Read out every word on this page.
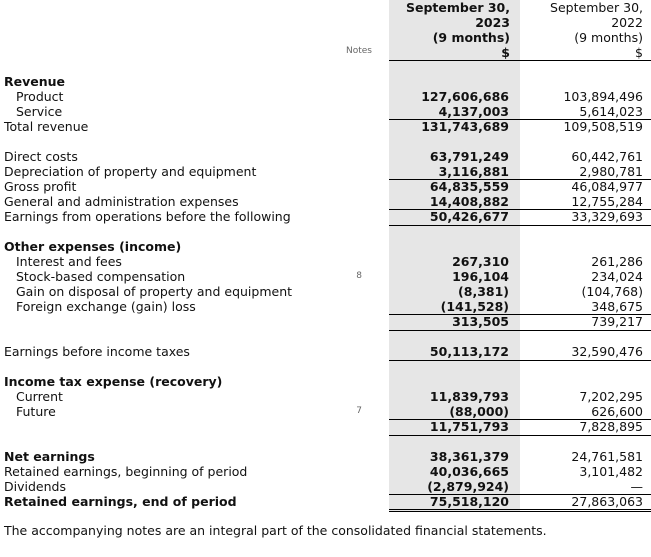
September 30,
2023
(9 months)
$
September 30,
2022
(9 months)
$
Notes
Revenue
Product	127,606,686	103,894,496
Service	4,137,003	5,614,023
Total revenue	131,743,689	109,508,519
Direct costs	63,791,249	60,442,761
Depreciation of property and equipment	3,116,881	2,980,781
Gross profit	64,835,559	46,084,977
General and administration expenses	14,408,882	12,755,284
Earnings from operations before the following	50,426,677	33,329,693
Other expenses (income)
Interest and fees	267,310	261,286
Stock-based compensation	8	196,104	234,024
Gain on disposal of property and equipment	(8,381)	(104,768)
Foreign exchange (gain) loss	(141,528)	348,675
313,505	739,217
Earnings before income taxes	50,113,172	32,590,476
Income tax expense (recovery)
Current	11,839,793	7,202,295
Future	7	(88,000)	626,600
11,751,793	7,828,895
Net earnings	38,361,379	24,761,581
Retained earnings, beginning of period	40,036,665	3,101,482
Dividends	(2,879,924)	—
Retained earnings, end of period	75,518,120	27,863,063
The accompanying notes are an integral part of the consolidated financial statements.
